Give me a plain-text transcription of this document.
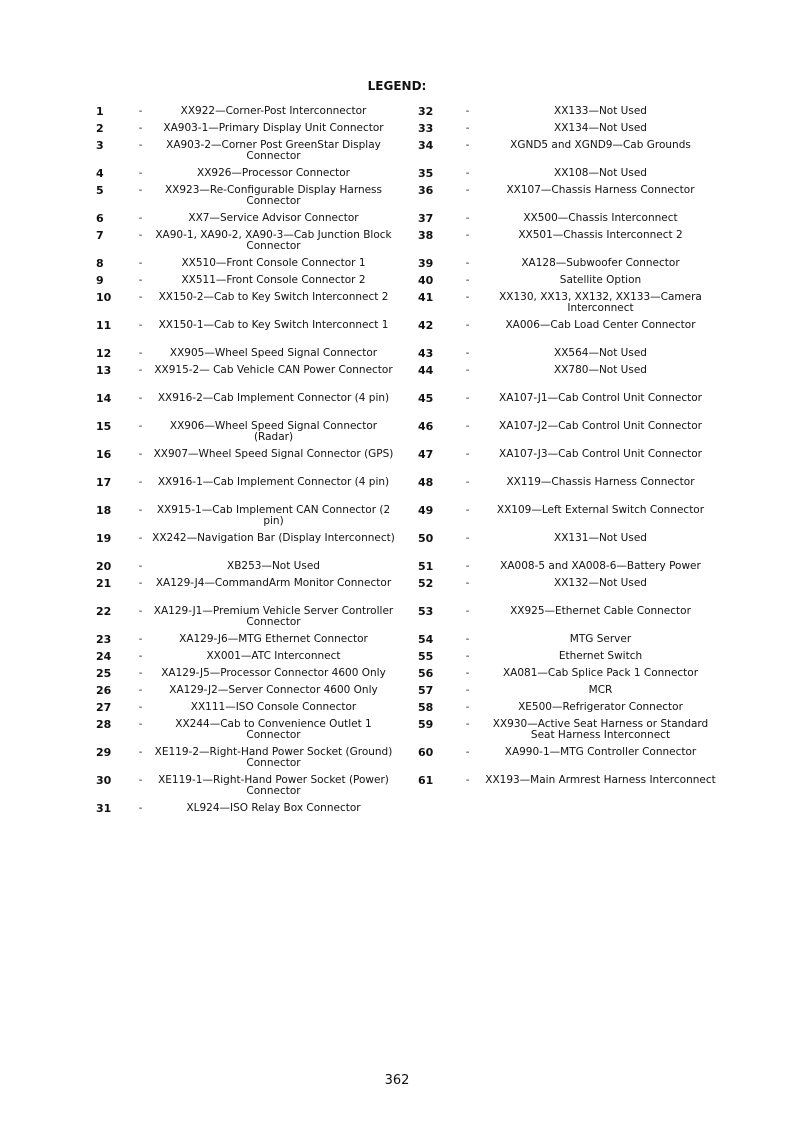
LEGEND:
1	-	XX922—Corner-Post Interconnector
2	-	XA903-1—Primary Display Unit Connector
3	-	XA903-2—Corner Post GreenStar Display Connector
4	-	XX926—Processor Connector
5	-	XX923—Re-Configurable Display Harness Connector
6	-	XX7—Service Advisor Connector
7	-	XA90-1, XA90-2, XA90-3—Cab Junction Block Connector
8	-	XX510—Front Console Connector 1
9	-	XX511—Front Console Connector 2
10	-	XX150-2—Cab to Key Switch Interconnect 2
11	-	XX150-1—Cab to Key Switch Interconnect 1
12	-	XX905—Wheel Speed Signal Connector
13	-	XX915-2— Cab Vehicle CAN Power Connector
14	-	XX916-2—Cab Implement Connector (4 pin)
15	-	XX906—Wheel Speed Signal Connector (Radar)
16	-	XX907—Wheel Speed Signal Connector (GPS)
17	-	XX916-1—Cab Implement Connector (4 pin)
18	-	XX915-1—Cab Implement CAN Connector (2 pin)
19	- XX242—Navigation Bar (Display Interconnect)
20	-	XB253—Not Used
21	-	XA129-J4—CommandArm Monitor Connector
22	-	XA129-J1—Premium Vehicle Server Controller Connector
23	-	XA129-J6—MTG Ethernet Connector
24	-	XX001—ATC Interconnect
25	-	XA129-J5—Processor Connector 4600 Only
26	-	XA129-J2—Server Connector 4600 Only
27	-	XX111—ISO Console Connector
28	-	XX244—Cab to Convenience Outlet 1 Connector
29	-	XE119-2—Right-Hand Power Socket (Ground) Connector
30	-	XE119-1—Right-Hand Power Socket (Power) Connector
31	-	XL924—ISO Relay Box Connector
32	-	XX133—Not Used
33	-	XX134—Not Used
34	-	XGND5 and XGND9—Cab Grounds
35	-	XX108—Not Used
36	-	XX107—Chassis Harness Connector
37	-	XX500—Chassis Interconnect
38	-	XX501—Chassis Interconnect 2
39	-	XA128—Subwoofer Connector
40	-	Satellite Option
41	-	XX130, XX13, XX132, XX133—Camera Interconnect
42	-	XA006—Cab Load Center Connector
43	-	XX564—Not Used
44	-	XX780—Not Used
45	-	XA107-J1—Cab Control Unit Connector
46	-	XA107-J2—Cab Control Unit Connector
47	-	XA107-J3—Cab Control Unit Connector
48	-	XX119—Chassis Harness Connector
49	-	XX109—Left External Switch Connector
50	-	XX131—Not Used
51	-	XA008-5 and XA008-6—Battery Power
52	-	XX132—Not Used
53	-	XX925—Ethernet Cable Connector
54	-	MTG Server
55	-	Ethernet Switch
56	-	XA081—Cab Splice Pack 1 Connector
57	-	MCR
58	-	XE500—Refrigerator Connector
59	-	XX930—Active Seat Harness or Standard Seat Harness Interconnect
60	-	XA990-1—MTG Controller Connector
61	-	XX193—Main Armrest Harness Interconnect
362
